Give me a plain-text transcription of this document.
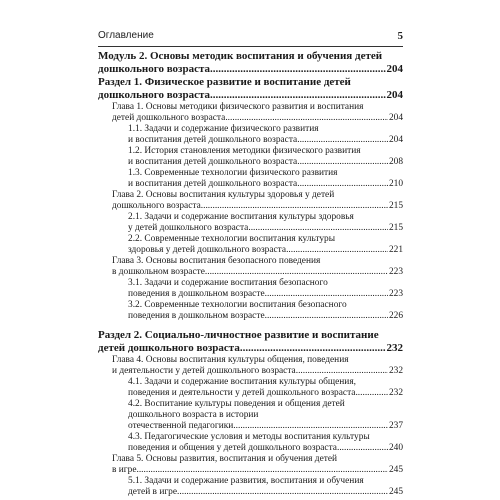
Оглавление	5
Модуль 2. Основы методик воспитания и обучения детей
дошкольного возраста .....	204
Раздел 1. Физическое развитие и воспитание детей
дошкольного возраста .....	204
Глава 1. Основы методики физического развития и воспитания
детей дошкольного возраста .....	204
1.1. Задачи и содержание физического развития
и воспитания детей дошкольного возраста .....	204
1.2. История становления методики физического развития
и воспитания детей дошкольного возраста .....	208
1.3. Современные технологии физического развития
и воспитания детей дошкольного возраста .....	210
Глава 2. Основы воспитания культуры здоровья у детей
дошкольного возраста .....	215
2.1. Задачи и содержание воспитания культуры здоровья
у детей дошкольного возраста .....	215
2.2. Современные технологии воспитания культуры
здоровья у детей дошкольного возраста .....	221
Глава 3. Основы воспитания безопасного поведения
в дошкольном возрасте .....	223
3.1. Задачи и содержание воспитания безопасного
поведения в дошкольном возрасте .....	223
3.2. Современные технологии воспитания безопасного
поведения в дошкольном возрасте .....	226
Раздел 2. Социально-личностное развитие и воспитание
детей дошкольного возраста .....	232
Глава 4. Основы воспитания культуры общения, поведения
и деятельности у детей дошкольного возраста .....	232
4.1. Задачи и содержание воспитания культуры общения,
поведения и деятельности у детей дошкольного возраста .....	232
4.2. Воспитание культуры поведения и общения детей
дошкольного возраста в истории
отечественной педагогики .....	237
4.3. Педагогические условия и методы воспитания культуры
поведения и общения у детей дошкольного возраста .....	240
Глава 5. Основы развития, воспитания и обучения детей
в игре .....	245
5.1. Задачи и содержание развития, воспитания и обучения
детей в игре .....	245
